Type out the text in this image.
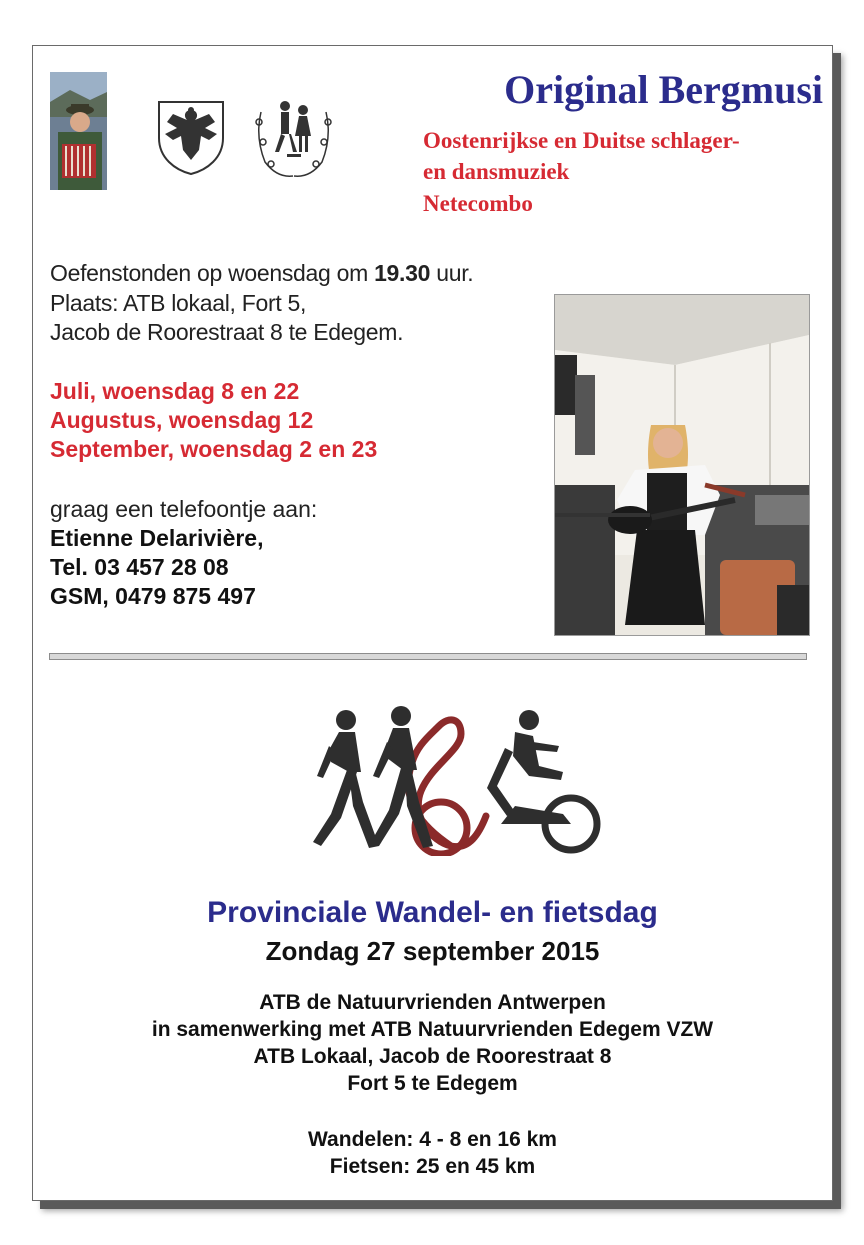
Original Bergmusi
Oostenrijkse en Duitse schlager-
en dansmuziek
Netecombo
Oefenstonden op woensdag om 19.30 uur.
Plaats: ATB lokaal, Fort 5,
Jacob de Roorestraat 8 te Edegem.
Juli, woensdag 8 en 22
Augustus, woensdag 12
September, woensdag 2 en 23
graag een telefoontje aan:
Etienne Delarivière,
Tel. 03 457 28 08
GSM, 0479 875 497
Provinciale Wandel- en fietsdag
Zondag 27 september 2015
ATB de Natuurvrienden Antwerpen
in samenwerking met ATB Natuurvrienden Edegem VZW
ATB Lokaal, Jacob de Roorestraat 8
Fort 5 te Edegem
Wandelen: 4 - 8 en 16 km
Fietsen: 25 en 45 km
